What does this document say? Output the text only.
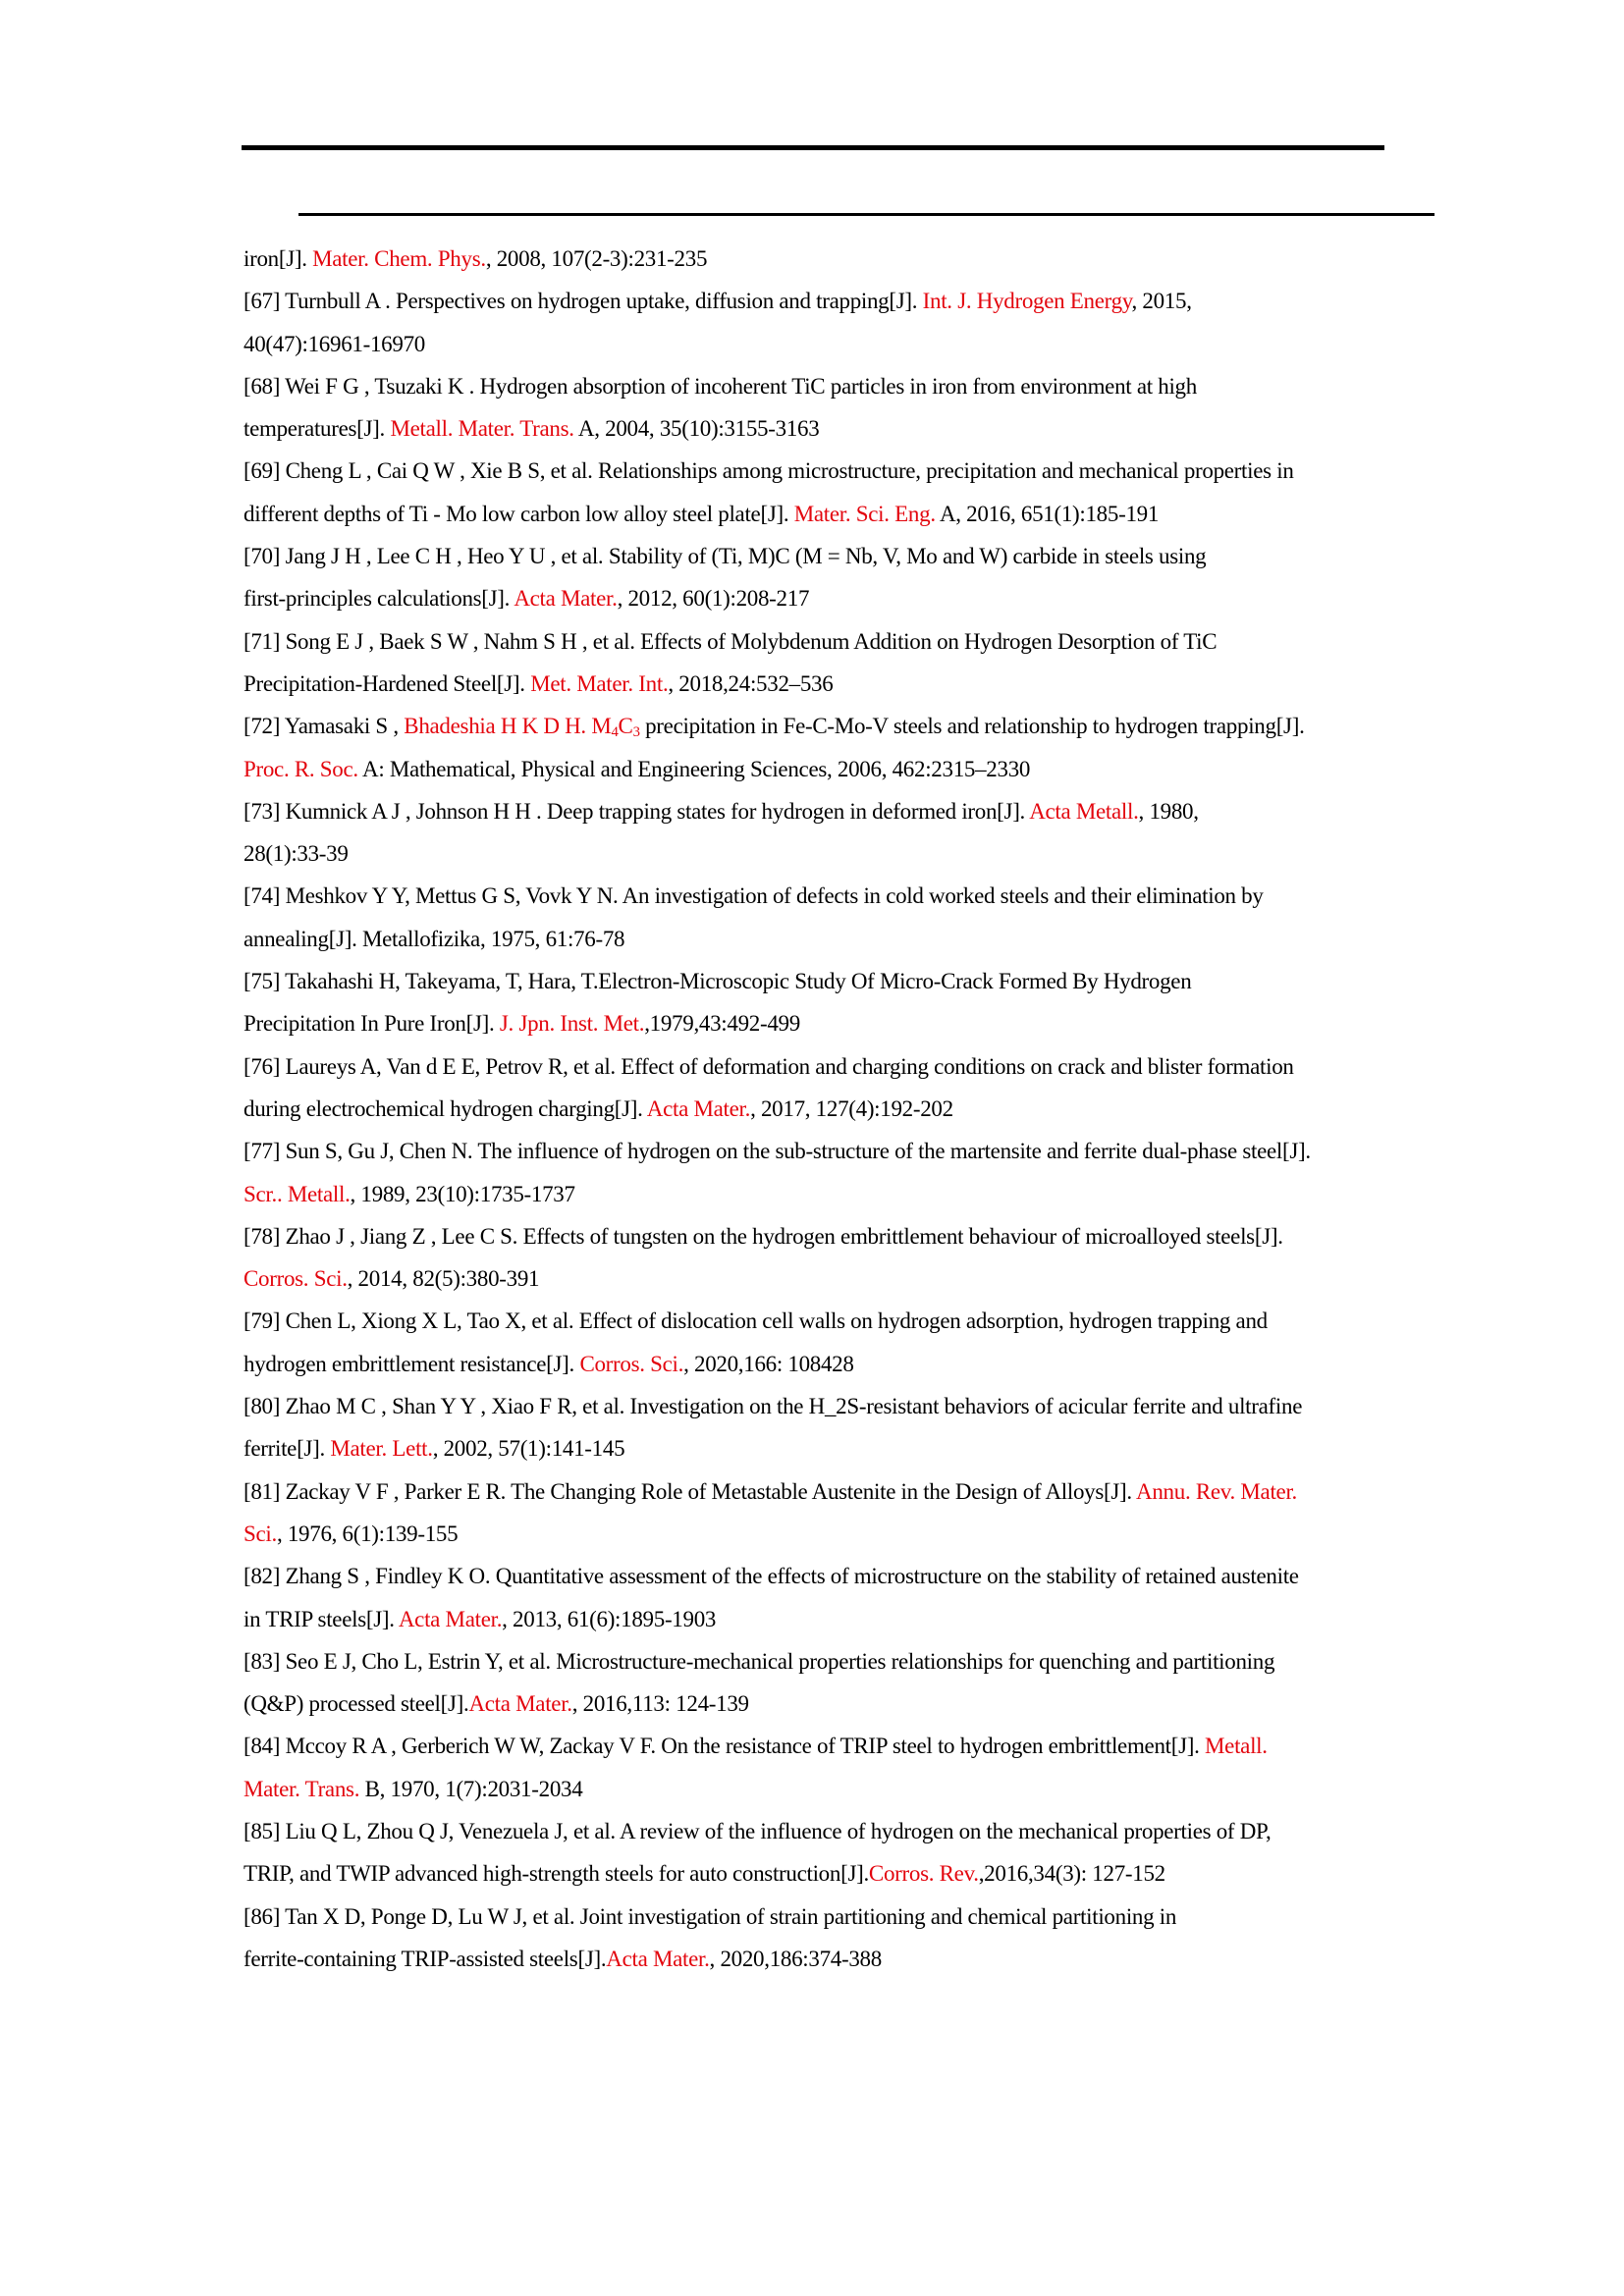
iron[J]. Mater. Chem. Phys., 2008, 107(2-3):231-235
[67] Turnbull A . Perspectives on hydrogen uptake, diffusion and trapping[J]. Int. J. Hydrogen Energy, 2015,
40(47):16961-16970
[68] Wei F G , Tsuzaki K . Hydrogen absorption of incoherent TiC particles in iron from environment at high
temperatures[J]. Metall. Mater. Trans. A, 2004, 35(10):3155-3163
[69] Cheng L , Cai Q W , Xie B S, et al. Relationships among microstructure, precipitation and mechanical properties in
different depths of Ti - Mo low carbon low alloy steel plate[J]. Mater. Sci. Eng. A, 2016, 651(1):185-191
[70] Jang J H , Lee C H , Heo Y U , et al. Stability of (Ti, M)C (M = Nb, V, Mo and W) carbide in steels using
first-principles calculations[J]. Acta Mater., 2012, 60(1):208-217
[71] Song E J , Baek S W , Nahm S H , et al. Effects of Molybdenum Addition on Hydrogen Desorption of TiC
Precipitation-Hardened Steel[J]. Met. Mater. Int., 2018,24:532–536
[72] Yamasaki S , Bhadeshia H K D H. M4C3 precipitation in Fe-C-Mo-V steels and relationship to hydrogen trapping[J].
Proc. R. Soc. A: Mathematical, Physical and Engineering Sciences, 2006, 462:2315–2330
[73] Kumnick A J , Johnson H H . Deep trapping states for hydrogen in deformed iron[J]. Acta Metall., 1980,
28(1):33-39
[74] Meshkov Y Y, Mettus G S, Vovk Y N. An investigation of defects in cold worked steels and their elimination by
annealing[J]. Metallofizika, 1975, 61:76-78
[75] Takahashi H, Takeyama, T, Hara, T.Electron-Microscopic Study Of Micro-Crack Formed By Hydrogen
Precipitation In Pure Iron[J]. J. Jpn. Inst. Met.,1979,43:492-499
[76] Laureys A, Van d E E, Petrov R, et al. Effect of deformation and charging conditions on crack and blister formation
during electrochemical hydrogen charging[J]. Acta Mater., 2017, 127(4):192-202
[77] Sun S, Gu J, Chen N. The influence of hydrogen on the sub-structure of the martensite and ferrite dual-phase steel[J].
Scr.. Metall., 1989, 23(10):1735-1737
[78] Zhao J , Jiang Z , Lee C S. Effects of tungsten on the hydrogen embrittlement behaviour of microalloyed steels[J].
Corros. Sci., 2014, 82(5):380-391
[79] Chen L, Xiong X L, Tao X, et al. Effect of dislocation cell walls on hydrogen adsorption, hydrogen trapping and
hydrogen embrittlement resistance[J]. Corros. Sci., 2020,166: 108428
[80] Zhao M C , Shan Y Y , Xiao F R, et al. Investigation on the H_2S-resistant behaviors of acicular ferrite and ultrafine
ferrite[J]. Mater. Lett., 2002, 57(1):141-145
[81] Zackay V F , Parker E R. The Changing Role of Metastable Austenite in the Design of Alloys[J]. Annu. Rev. Mater.
Sci., 1976, 6(1):139-155
[82] Zhang S , Findley K O. Quantitative assessment of the effects of microstructure on the stability of retained austenite
in TRIP steels[J]. Acta Mater., 2013, 61(6):1895-1903
[83] Seo E J, Cho L, Estrin Y, et al. Microstructure-mechanical properties relationships for quenching and partitioning
(Q&P) processed steel[J].Acta Mater., 2016,113: 124-139
[84] Mccoy R A , Gerberich W W, Zackay V F. On the resistance of TRIP steel to hydrogen embrittlement[J]. Metall.
Mater. Trans. B, 1970, 1(7):2031-2034
[85] Liu Q L, Zhou Q J, Venezuela J, et al. A review of the influence of hydrogen on the mechanical properties of DP,
TRIP, and TWIP advanced high-strength steels for auto construction[J].Corros. Rev.,2016,34(3): 127-152
[86] Tan X D, Ponge D, Lu W J, et al. Joint investigation of strain partitioning and chemical partitioning in
ferrite-containing TRIP-assisted steels[J].Acta Mater., 2020,186:374-388
